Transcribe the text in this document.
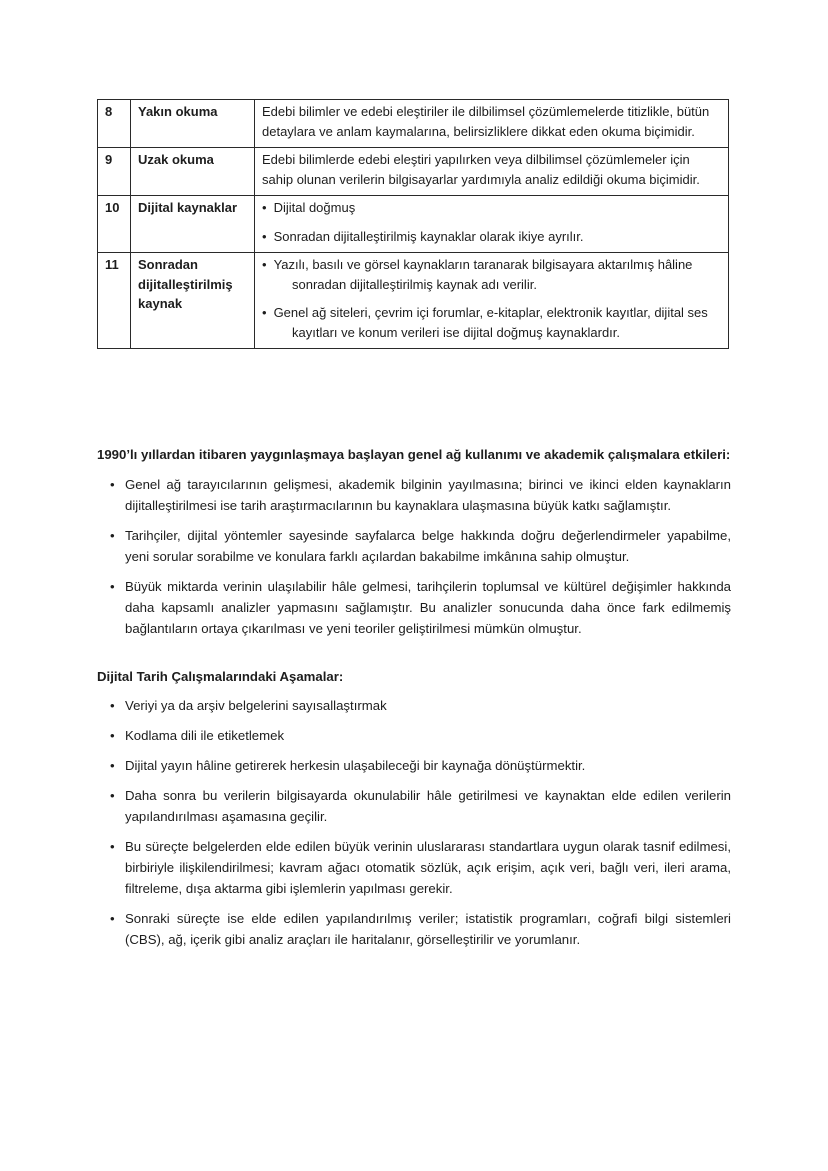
8	Yakın okuma	Edebi bilimler ve edebi eleştiriler ile dilbilimsel çözümlemelerde titizlikle, bütün detaylara ve anlam kaymalarına, belirsizliklere dikkat eden okuma biçimidir.

9	Uzak okuma	Edebi bilimlerde edebi eleştiri yapılırken veya dilbilimsel çözümlemeler için sahip olunan verilerin bilgisayarlar yardımıyla analiz edildiği okuma biçimidir.

10	Dijital kaynaklar	• Dijital doğmuş

• Sonradan dijitalleştirilmiş kaynaklar olarak ikiye ayrılır.

11	Sonradan dijitalleştirilmiş kaynak	• Yazılı, basılı ve görsel kaynakların taranarak bilgisayara aktarılmış hâline sonradan dijitalleştirilmiş kaynak adı verilir.

• Genel ağ siteleri, çevrim içi forumlar, e-kitaplar, elektronik kayıtlar, dijital ses kayıtları ve konum verileri ise dijital doğmuş kaynaklardır.

1990’lı yıllardan itibaren yaygınlaşmaya başlayan genel ağ kullanımı ve akademik çalışmalara etkileri:
• Genel ağ tarayıcılarının gelişmesi, akademik bilginin yayılmasına; birinci ve ikinci elden kaynakların dijitalleştirilmesi ise tarih araştırmacılarının bu kaynaklara ulaşmasına büyük katkı sağlamıştır.
• Tarihçiler, dijital yöntemler sayesinde sayfalarca belge hakkında doğru değerlendirmeler yapabilme, yeni sorular sorabilme ve konulara farklı açılardan bakabilme imkânına sahip olmuştur.
• Büyük miktarda verinin ulaşılabilir hâle gelmesi, tarihçilerin toplumsal ve kültürel değişimler hakkında daha kapsamlı analizler yapmasını sağlamıştır. Bu analizler sonucunda daha önce fark edilmemiş bağlantıların ortaya çıkarılması ve yeni teoriler geliştirilmesi mümkün olmuştur.
Dijital Tarih Çalışmalarındaki Aşamalar:
• Veriyi ya da arşiv belgelerini sayısallaştırmak
• Kodlama dili ile etiketlemek
• Dijital yayın hâline getirerek herkesin ulaşabileceği bir kaynağa dönüştürmektir.
• Daha sonra bu verilerin bilgisayarda okunulabilir hâle getirilmesi ve kaynaktan elde edilen verilerin yapılandırılması aşamasına geçilir.
• Bu süreçte belgelerden elde edilen büyük verinin uluslararası standartlara uygun olarak tasnif edilmesi, birbiriyle ilişkilendirilmesi; kavram ağacı otomatik sözlük, açık erişim, açık veri, bağlı veri, ileri arama, filtreleme, dışa aktarma gibi işlemlerin yapılması gerekir.
• Sonraki süreçte ise elde edilen yapılandırılmış veriler; istatistik programları, coğrafi bilgi sistemleri (CBS), ağ, içerik gibi analiz araçları ile haritalanır, görselleştirilir ve yorumlanır.
